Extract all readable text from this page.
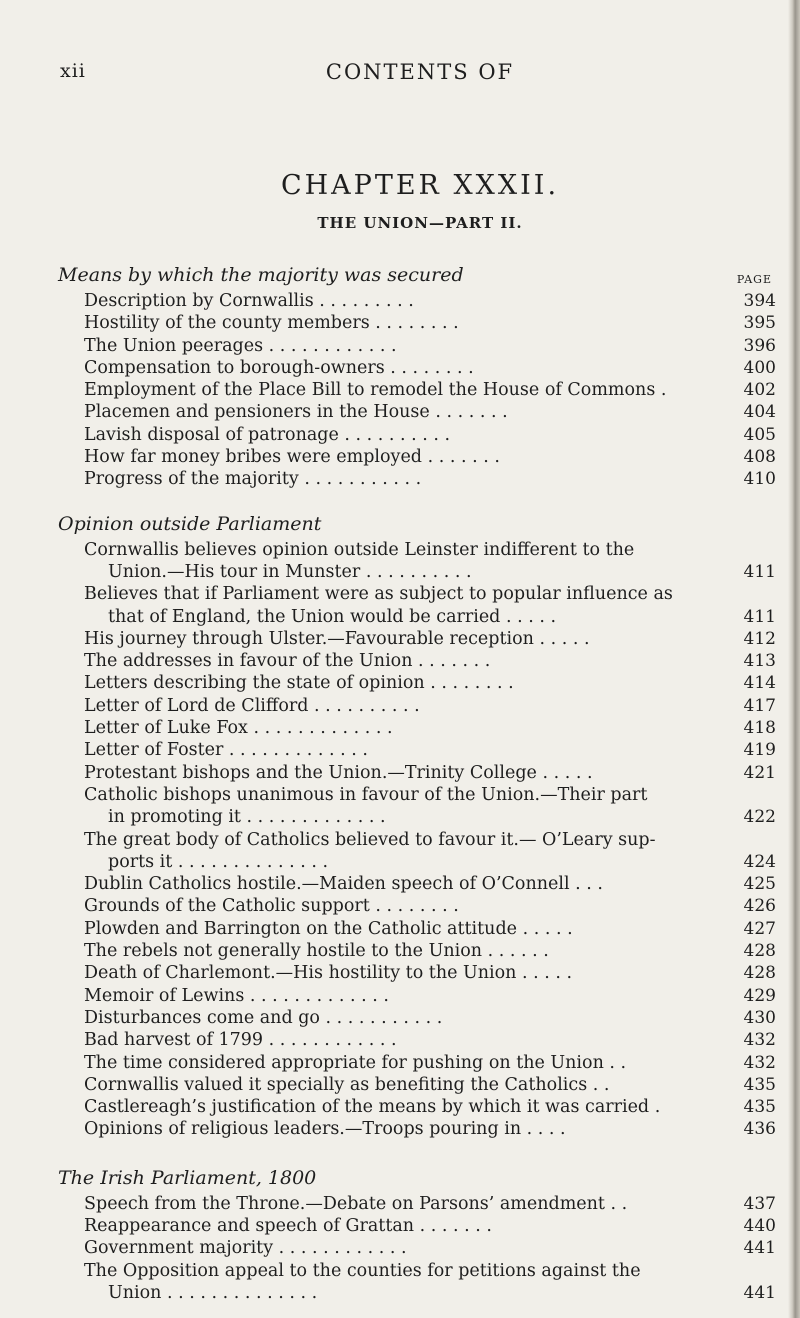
xii	CONTENTS OF
CHAPTER XXXII.
THE UNION—PART II.
Means by which the majority was secured	PAGE
Description by Cornwallis . . . . . . . . .	394
Hostility of the county members . . . . . . . .	395
The Union peerages . . . . . . . . . . . .	396
Compensation to borough-owners . . . . . . . .	400
Employment of the Place Bill to remodel the House of Commons .	402
Placemen and pensioners in the House . . . . . . .	404
Lavish disposal of patronage . . . . . . . . . .	405
How far money bribes were employed . . . . . . .	408
Progress of the majority . . . . . . . . . . .	410
Opinion outside Parliament
Cornwallis believes opinion outside Leinster indifferent to the
Union.—His tour in Munster . . . . . . . . . .	411
Believes that if Parliament were as subject to popular influence as
that of England, the Union would be carried . . . . .	411
His journey through Ulster.—Favourable reception . . . . .	412
The addresses in favour of the Union . . . . . . .	413
Letters describing the state of opinion . . . . . . . .	414
Letter of Lord de Clifford . . . . . . . . . .	417
Letter of Luke Fox . . . . . . . . . . . . .	418
Letter of Foster . . . . . . . . . . . . .	419
Protestant bishops and the Union.—Trinity College . . . . .	421
Catholic bishops unanimous in favour of the Union.—Their part
in promoting it . . . . . . . . . . . . .	422
The great body of Catholics believed to favour it.— O’Leary sup-
ports it . . . . . . . . . . . . . .	424
Dublin Catholics hostile.—Maiden speech of O’Connell . . .	425
Grounds of the Catholic support . . . . . . . .	426
Plowden and Barrington on the Catholic attitude . . . . .	427
The rebels not generally hostile to the Union . . . . . .	428
Death of Charlemont.—His hostility to the Union . . . . .	428
Memoir of Lewins . . . . . . . . . . . . .	429
Disturbances come and go . . . . . . . . . . .	430
Bad harvest of 1799 . . . . . . . . . . . .	432
The time considered appropriate for pushing on the Union . .	432
Cornwallis valued it specially as benefiting the Catholics . .	435
Castlereagh’s justification of the means by which it was carried .	435
Opinions of religious leaders.—Troops pouring in . . . .	436
The Irish Parliament, 1800
Speech from the Throne.—Debate on Parsons’ amendment . .	437
Reappearance and speech of Grattan . . . . . . .	440
Government majority . . . . . . . . . . . .	441
The Opposition appeal to the counties for petitions against the
Union . . . . . . . . . . . . . .	441
